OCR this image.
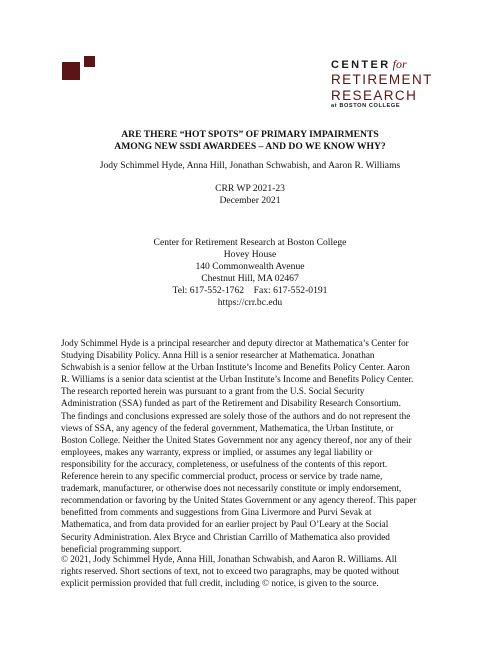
CENTER for
RETIREMENT
RESEARCH
at BOSTON COLLEGE
ARE THERE “HOT SPOTS” OF PRIMARY IMPAIRMENTS
AMONG NEW SSDI AWARDEES – AND DO WE KNOW WHY?
Jody Schimmel Hyde, Anna Hill, Jonathan Schwabish, and Aaron R. Williams
CRR WP 2021-23
December 2021
Center for Retirement Research at Boston College
Hovey House
140 Commonwealth Avenue
Chestnut Hill, MA 02467
Tel: 617-552-1762    Fax: 617-552-0191
https://crr.bc.edu
Jody Schimmel Hyde is a principal researcher and deputy director at Mathematica’s Center for
Studying Disability Policy. Anna Hill is a senior researcher at Mathematica. Jonathan
Schwabish is a senior fellow at the Urban Institute’s Income and Benefits Policy Center. Aaron
R. Williams is a senior data scientist at the Urban Institute’s Income and Benefits Policy Center.
The research reported herein was pursuant to a grant from the U.S. Social Security
Administration (SSA) funded as part of the Retirement and Disability Research Consortium.
The findings and conclusions expressed are solely those of the authors and do not represent the
views of SSA, any agency of the federal government, Mathematica, the Urban Institute, or
Boston College. Neither the United States Government nor any agency thereof, nor any of their
employees, makes any warranty, express or implied, or assumes any legal liability or
responsibility for the accuracy, completeness, or usefulness of the contents of this report.
Reference herein to any specific commercial product, process or service by trade name,
trademark, manufacturer, or otherwise does not necessarily constitute or imply endorsement,
recommendation or favoring by the United States Government or any agency thereof. This paper
benefitted from comments and suggestions from Gina Livermore and Purvi Sevak at
Mathematica, and from data provided for an earlier project by Paul O’Leary at the Social
Security Administration. Alex Bryce and Christian Carrillo of Mathematica also provided
beneficial programming support.
© 2021, Jody Schimmel Hyde, Anna Hill, Jonathan Schwabish, and Aaron R. Williams. All
rights reserved. Short sections of text, not to exceed two paragraphs, may be quoted without
explicit permission provided that full credit, including © notice, is given to the source.
